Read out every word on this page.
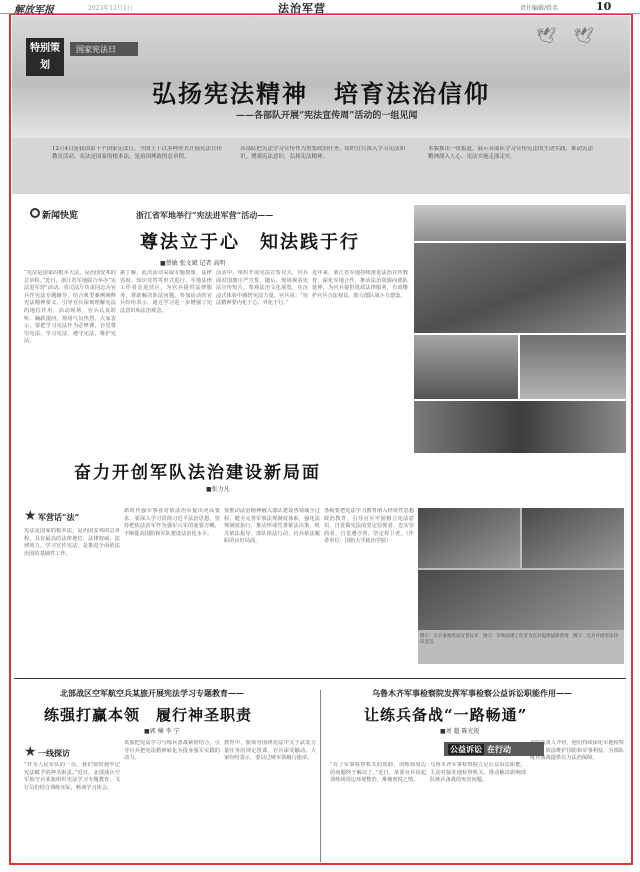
解放军报	2023年12月1日	法治军营	责任编辑/姓名	10
🕊 🕊
特别策划
国家宪法日
弘扬宪法精神　培育法治信仰
——各部队开展“宪法宣传周”活动的一组见闻
12月4日是我国第十个国家宪法日，全国上下以多种形式开展宪法宣传教育活动。宪法是国家的根本法，是治国理政的总章程。
各部队把宪法学习宣传作为重要政治任务，组织官兵深入学习宪法知识，增强宪法意识，弘扬宪法精神。
本版推出一组报道，展示各部队学习宣传宪法的生动实践，推动宪法精神深入人心、宪法实施走深走实。
新闻快览	浙江省军地举行“宪法进军营”活动——
尊法立于心　知法践于行
■蔡敏 张文斌 记者 高明
“宪法是国家的根本大法，是治国安邦的总章程。”近日，浙江省军地联合举办“宪法进军营”活动。省司法厅负责同志为官兵作宪法专题辅导，结合典型案例阐释宪法精神要义，引导官兵深刻理解宪法的地位作用。活动现场，官兵认真聆听、踊跃提问，现场气氛热烈。大家表示，要把学习宪法作为必修课，自觉尊崇宪法、学习宪法、遵守宪法、维护宪法。
据了解，此次活动采取专题授课、法律咨询、知识竞答等形式进行。军地法律工作者走进营区，为官兵提供法律服务，帮助解决涉法问题。参加活动的官兵纷纷表示，通过学习进一步增强了宪法意识和法治观念。
活动中，组织开展宪法宣誓仪式，官兵面对国旗庄严宣誓。随后，现场观看宪法宣传短片，参观法治文化展览，在沉浸式体验中感悟宪法力量。官兵说：“宪法精神要内化于心、外化于行。”
近年来，浙江省军地持续推进法治宣传教育，深化军地合作，推动法治资源向部队延伸，为官兵提供优质法律服务，有效维护官兵合法权益，助力部队战斗力建设。
奋力开创军队法治建设新局面
■张力凡
★ 军营话“法”
宪法是国家的根本法，是治国安邦的总章程，具有最高的法律地位、法律权威、法律效力。学习宣传宪法，是推进全面依法治国的基础性工作。
新时代强军事业对依法治军提出更高要求。要深入学习贯彻习近平法治思想，坚持把依法治军作为强军兴军的重要方略，不断提高国防和军队建设法治化水平。
要推动法治精神融入部队建设各领域全过程，健全完善军事法规制度体系，强化法规制度执行，推动形成党委依法决策、机关依法指导、部队依法行动、官兵依法履职的良好局面。
各级要把宪法学习教育纳入经常性思想政治教育，引导官兵牢固树立宪法意识，自觉做宪法的坚定信仰者、忠实崇尚者、自觉遵守者、坚定捍卫者。（作者单位：国防大学政治学院）
图①：官兵参加宪法宣誓仪式　图②：军地法律工作者为官兵提供法律咨询　图③：官兵开展宪法知识竞答
北部战区空军航空兵某旅开展宪法学习专题教育——
练强打赢本领　履行神圣职责
■郭 楠 李 宁
★ 一线探访
“作为人民军队的一员，我们要时刻牢记宪法赋予的神圣职责。”近日，北部战区空军航空兵某旅组织宪法学习专题教育，飞行员们结合训练实际，畅谈学习体会。
该旅把宪法学习与练兵备战紧密结合，引导官兵把宪法精神转化为投身强军实践的动力。
教育中，旅领导围绕宪法中关于武装力量任务的规定授课，官兵深受触动。大家纷纷表示，要以过硬本领履行使命。
乌鲁木齐军事检察院发挥军事检察公益诉讼职能作用——
让练兵备战“一路畅通”
■刘 超 陈光锐
公益诉讼 在行动
“有了军事检察机关的帮助，训练场周边的问题终于解决了。”近日，某部官兵说起训练场周边环境整治，难掩喜悦之情。
乌鲁木齐军事检察院立足公益诉讼职能，主动对接驻地检察机关，推动解决影响部队练兵备战的突出问题。
该院负责人介绍，他们持续深化军地检察协作，依法维护国防和军事利益，为部队练兵备战提供有力法治保障。
